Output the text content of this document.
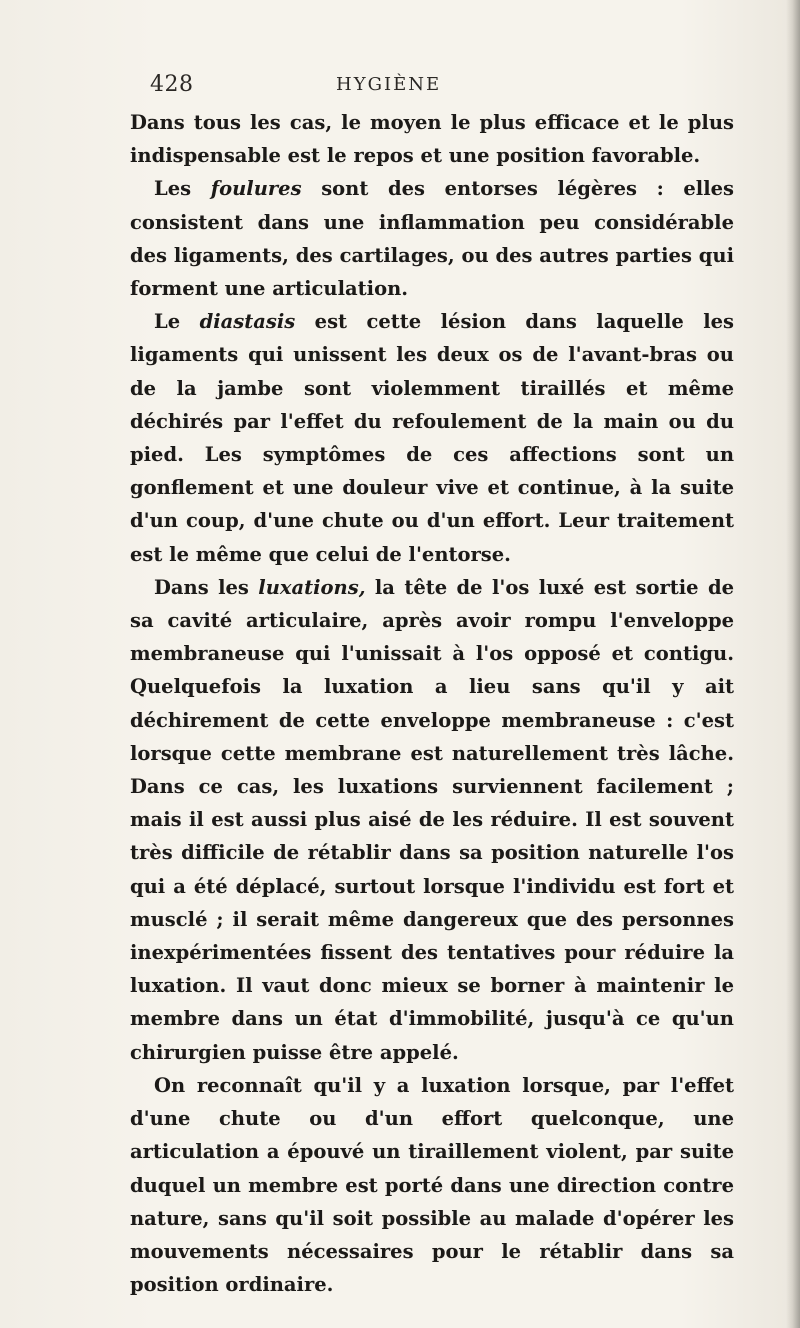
428	HYGIÈNE

Dans tous les cas, le moyen le plus efficace et le plus indispensable est le repos et une position favorable.

Les foulures sont des entorses légères : elles consistent dans une inflammation peu considérable des ligaments, des cartilages, ou des autres parties qui forment une articulation.

Le diastasis est cette lésion dans laquelle les ligaments qui unissent les deux os de l'avant-bras ou de la jambe sont violemment tiraillés et même déchirés par l'effet du refoulement de la main ou du pied. Les symptômes de ces affections sont un gonflement et une douleur vive et continue, à la suite d'un coup, d'une chute ou d'un effort. Leur traitement est le même que celui de l'entorse.

Dans les luxations, la tête de l'os luxé est sortie de sa cavité articulaire, après avoir rompu l'enveloppe membraneuse qui l'unissait à l'os opposé et contigu. Quelquefois la luxation a lieu sans qu'il y ait déchirement de cette enveloppe membraneuse : c'est lorsque cette membrane est naturellement très lâche. Dans ce cas, les luxations surviennent facilement ; mais il est aussi plus aisé de les réduire. Il est souvent très difficile de rétablir dans sa position naturelle l'os qui a été déplacé, surtout lorsque l'individu est fort et musclé ; il serait même dangereux que des personnes inexpérimentées fissent des tentatives pour réduire la luxation. Il vaut donc mieux se borner à maintenir le membre dans un état d'immobilité, jusqu'à ce qu'un chirurgien puisse être appelé.

On reconnaît qu'il y a luxation lorsque, par l'effet d'une chute ou d'un effort quelconque, une articulation a épouvé un tiraillement violent, par suite duquel un membre est porté dans une direction contre nature, sans qu'il soit possible au malade d'opérer les mouvements nécessaires pour le rétablir dans sa position ordinaire.
